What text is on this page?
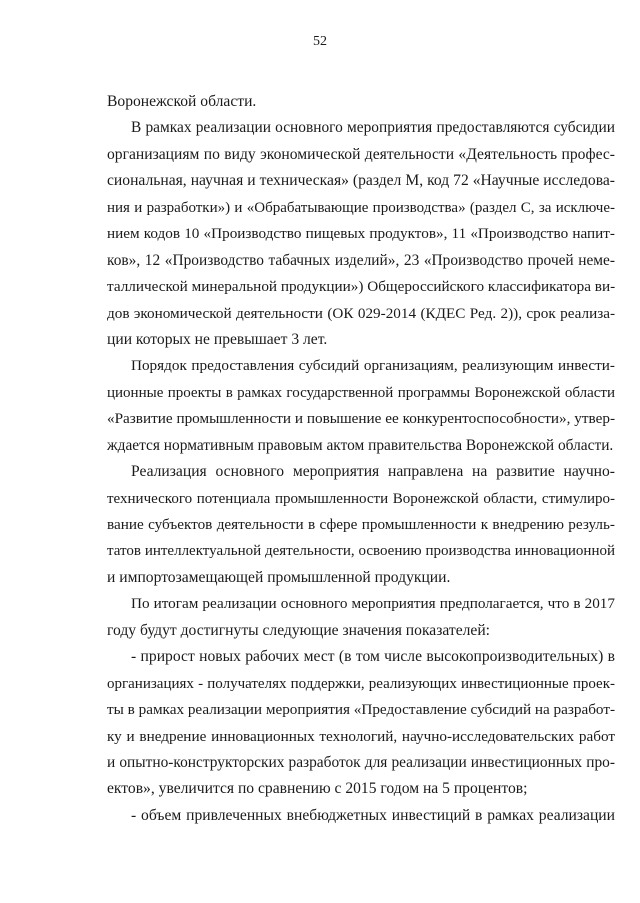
52
Воронежской области.
В рамках реализации основного мероприятия предоставляются субсидии
организациям по виду экономической деятельности «Деятельность профес-
сиональная, научная и техническая» (раздел M, код 72 «Научные исследова-
ния и разработки») и «Обрабатывающие производства» (раздел С, за исключе-
нием кодов 10 «Производство пищевых продуктов», 11 «Производство напит-
ков», 12 «Производство табачных изделий», 23 «Производство прочей неме-
таллической минеральной продукции») Общероссийского классификатора ви-
дов экономической деятельности (ОК 029-2014 (КДЕС Ред. 2)), срок реализа-
ции которых не превышает 3 лет.
Порядок предоставления субсидий организациям, реализующим инвести-
ционные проекты в рамках государственной программы Воронежской области
«Развитие промышленности и повышение ее конкурентоспособности», утвер-
ждается нормативным правовым актом правительства Воронежской области.
Реализация основного мероприятия направлена на развитие научно-
технического потенциала промышленности Воронежской области, стимулиро-
вание субъектов деятельности в сфере промышленности к внедрению резуль-
татов интеллектуальной деятельности, освоению производства инновационной
и импортозамещающей промышленной продукции.
По итогам реализации основного мероприятия предполагается, что в 2017
году будут достигнуты следующие значения показателей:
- прирост новых рабочих мест (в том числе высокопроизводительных) в
организациях - получателях поддержки, реализующих инвестиционные проек-
ты в рамках реализации мероприятия «Предоставление субсидий на разработ-
ку и внедрение инновационных технологий, научно-исследовательских работ
и опытно-конструкторских разработок для реализации инвестиционных про-
ектов», увеличится по сравнению с 2015 годом на 5 процентов;
- объем привлеченных внебюджетных инвестиций в рамках реализации
